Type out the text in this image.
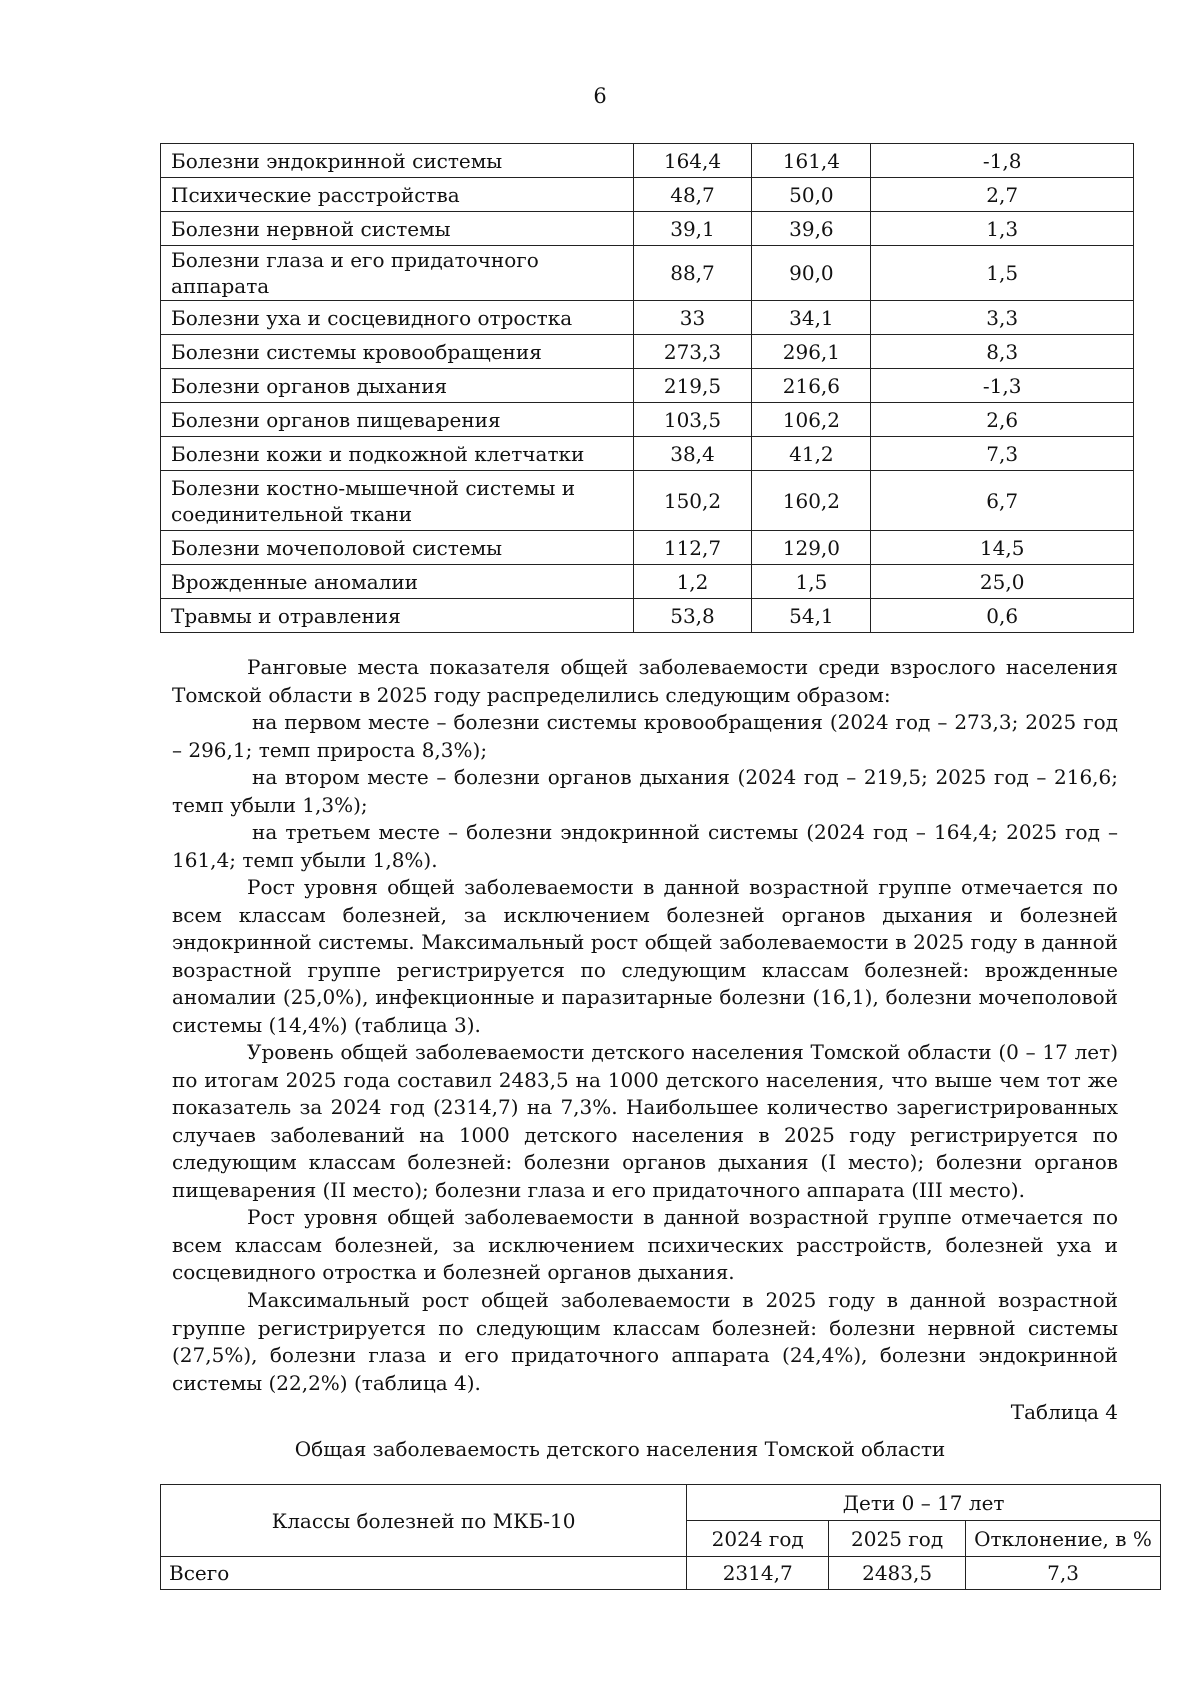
6
Болезни эндокринной системы	164,4	161,4	-1,8
Психические расстройства	48,7	50,0	2,7
Болезни нервной системы	39,1	39,6	1,3
Болезни глаза и его придаточного аппарата	88,7	90,0	1,5
Болезни уха и сосцевидного отростка	33	34,1	3,3
Болезни системы кровообращения	273,3	296,1	8,3
Болезни органов дыхания	219,5	216,6	-1,3
Болезни органов пищеварения	103,5	106,2	2,6
Болезни кожи и подкожной клетчатки	38,4	41,2	7,3
Болезни костно-мышечной системы и соединительной ткани	150,2	160,2	6,7
Болезни мочеполовой системы	112,7	129,0	14,5
Врожденные аномалии	1,2	1,5	25,0
Травмы и отравления	53,8	54,1	0,6

Ранговые места показателя общей заболеваемости среди взрослого населения Томской области в 2025 году распределились следующим образом:

на первом месте – болезни системы кровообращения (2024 год – 273,3; 2025 год – 296,1; темп прироста 8,3%);

на втором месте – болезни органов дыхания (2024 год – 219,5; 2025 год – 216,6; темп убыли 1,3%);

на третьем месте – болезни эндокринной системы (2024 год – 164,4; 2025 год – 161,4; темп убыли 1,8%).

Рост уровня общей заболеваемости в данной возрастной группе отмечается по всем классам болезней, за исключением болезней органов дыхания и болезней эндокринной системы. Максимальный рост общей заболеваемости в 2025 году в данной возрастной группе регистрируется по следующим классам болезней: врожденные аномалии (25,0%), инфекционные и паразитарные болезни (16,1), болезни мочеполовой системы (14,4%) (таблица 3).

Уровень общей заболеваемости детского населения Томской области (0 – 17 лет) по итогам 2025 года составил 2483,5 на 1000 детского населения, что выше чем тот же показатель за 2024 год (2314,7) на 7,3%. Наибольшее количество зарегистрированных случаев заболеваний на 1000 детского населения в 2025 году регистрируется по следующим классам болезней: болезни органов дыхания (I место); болезни органов пищеварения (II место); болезни глаза и его придаточного аппарата (III место).

Рост уровня общей заболеваемости в данной возрастной группе отмечается по всем классам болезней, за исключением психических расстройств, болезней уха и сосцевидного отростка и болезней органов дыхания.

Максимальный рост общей заболеваемости в 2025 году в данной возрастной группе регистрируется по следующим классам болезней: болезни нервной системы (27,5%), болезни глаза и его придаточного аппарата (24,4%), болезни эндокринной системы (22,2%) (таблица 4).

Таблица 4
Общая заболеваемость детского населения Томской области
Классы болезней по МКБ-10	Дети 0 – 17 лет		
	2024 год	2025 год	Отклонение, в %
Всего	2314,7	2483,5	7,3
